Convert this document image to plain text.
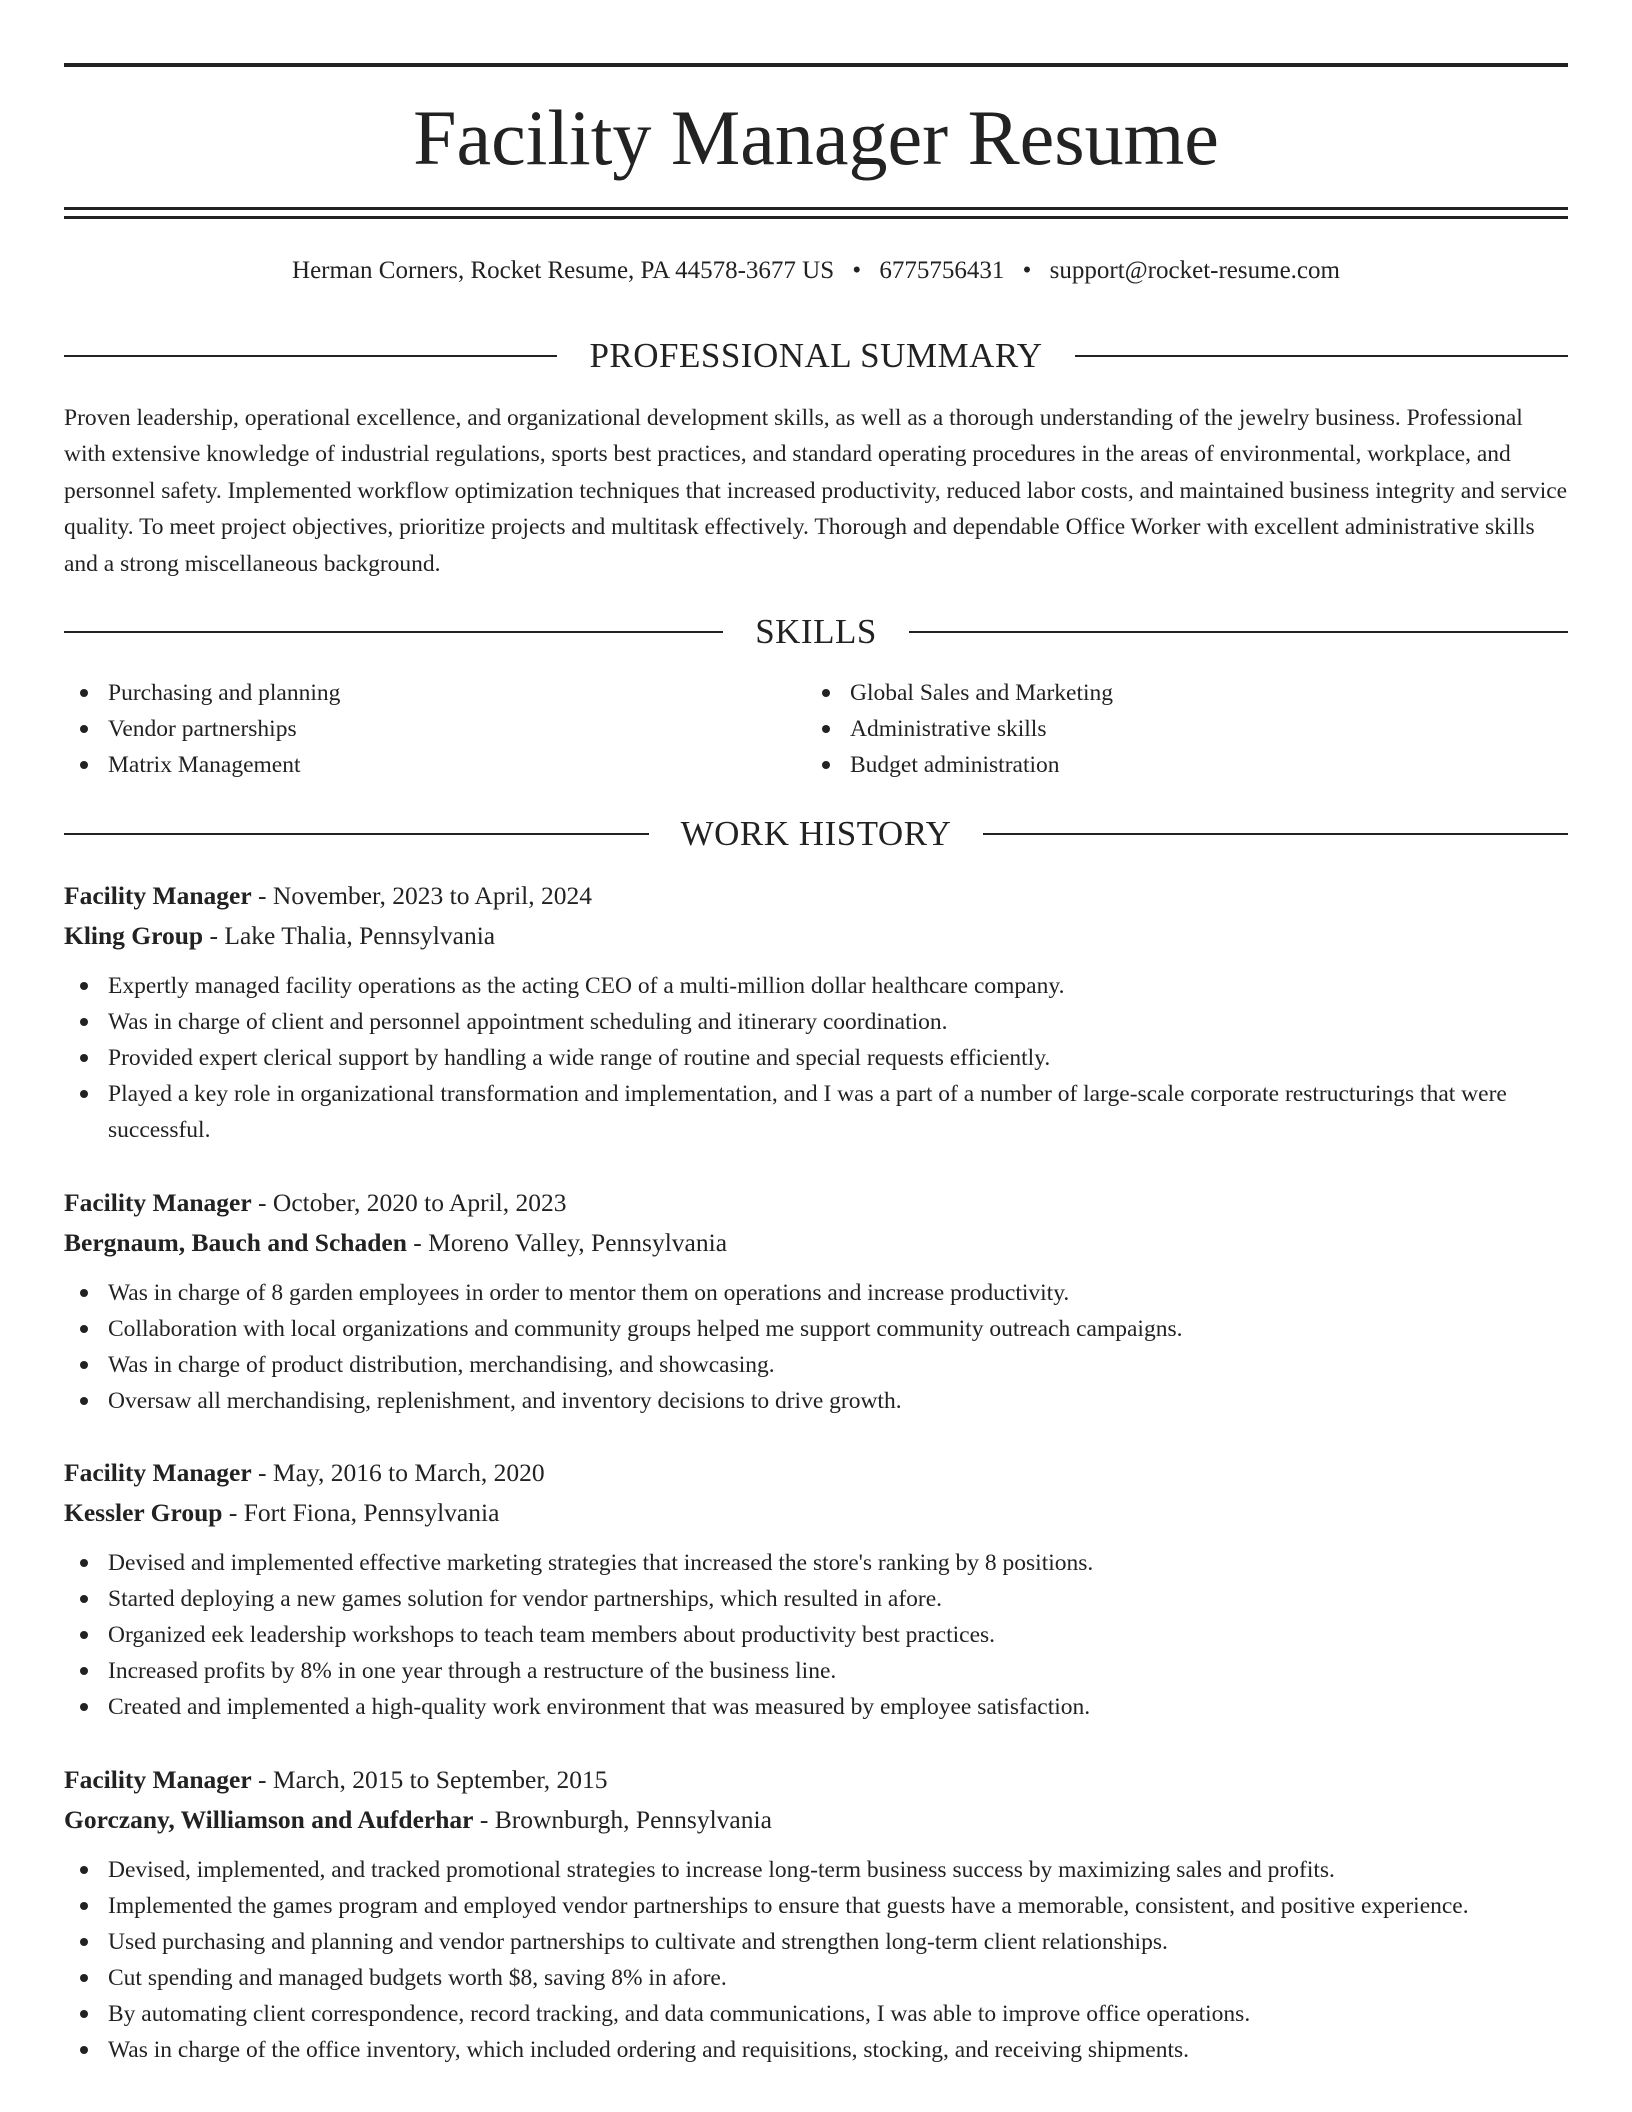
Facility Manager Resume
Herman Corners, Rocket Resume, PA 44578-3677 US • 6775756431 • support@rocket-resume.com
PROFESSIONAL SUMMARY

Proven leadership, operational excellence, and organizational development skills, as well as a thorough understanding of the jewelry business. Professional with extensive knowledge of industrial regulations, sports best practices, and standard operating procedures in the areas of environmental, workplace, and personnel safety. Implemented workflow optimization techniques that increased productivity, reduced labor costs, and maintained business integrity and service quality. To meet project objectives, prioritize projects and multitask effectively. Thorough and dependable Office Worker with excellent administrative skills and a strong miscellaneous background.

SKILLS
Purchasing and planning
Vendor partnerships
Matrix Management
Global Sales and Marketing
Administrative skills
Budget administration
WORK HISTORY
Facility Manager - November, 2023 to April, 2024
Kling Group - Lake Thalia, Pennsylvania
Expertly managed facility operations as the acting CEO of a multi-million dollar healthcare company.
Was in charge of client and personnel appointment scheduling and itinerary coordination.
Provided expert clerical support by handling a wide range of routine and special requests efficiently.
Played a key role in organizational transformation and implementation, and I was a part of a number of large-scale corporate restructurings that were successful.
Facility Manager - October, 2020 to April, 2023
Bergnaum, Bauch and Schaden - Moreno Valley, Pennsylvania
Was in charge of 8 garden employees in order to mentor them on operations and increase productivity.
Collaboration with local organizations and community groups helped me support community outreach campaigns.
Was in charge of product distribution, merchandising, and showcasing.
Oversaw all merchandising, replenishment, and inventory decisions to drive growth.
Facility Manager - May, 2016 to March, 2020
Kessler Group - Fort Fiona, Pennsylvania
Devised and implemented effective marketing strategies that increased the store's ranking by 8 positions.
Started deploying a new games solution for vendor partnerships, which resulted in afore.
Organized eek leadership workshops to teach team members about productivity best practices.
Increased profits by 8% in one year through a restructure of the business line.
Created and implemented a high-quality work environment that was measured by employee satisfaction.
Facility Manager - March, 2015 to September, 2015
Gorczany, Williamson and Aufderhar - Brownburgh, Pennsylvania
Devised, implemented, and tracked promotional strategies to increase long-term business success by maximizing sales and profits.
Implemented the games program and employed vendor partnerships to ensure that guests have a memorable, consistent, and positive experience.
Used purchasing and planning and vendor partnerships to cultivate and strengthen long-term client relationships.
Cut spending and managed budgets worth $8, saving 8% in afore.
By automating client correspondence, record tracking, and data communications, I was able to improve office operations.
Was in charge of the office inventory, which included ordering and requisitions, stocking, and receiving shipments.
